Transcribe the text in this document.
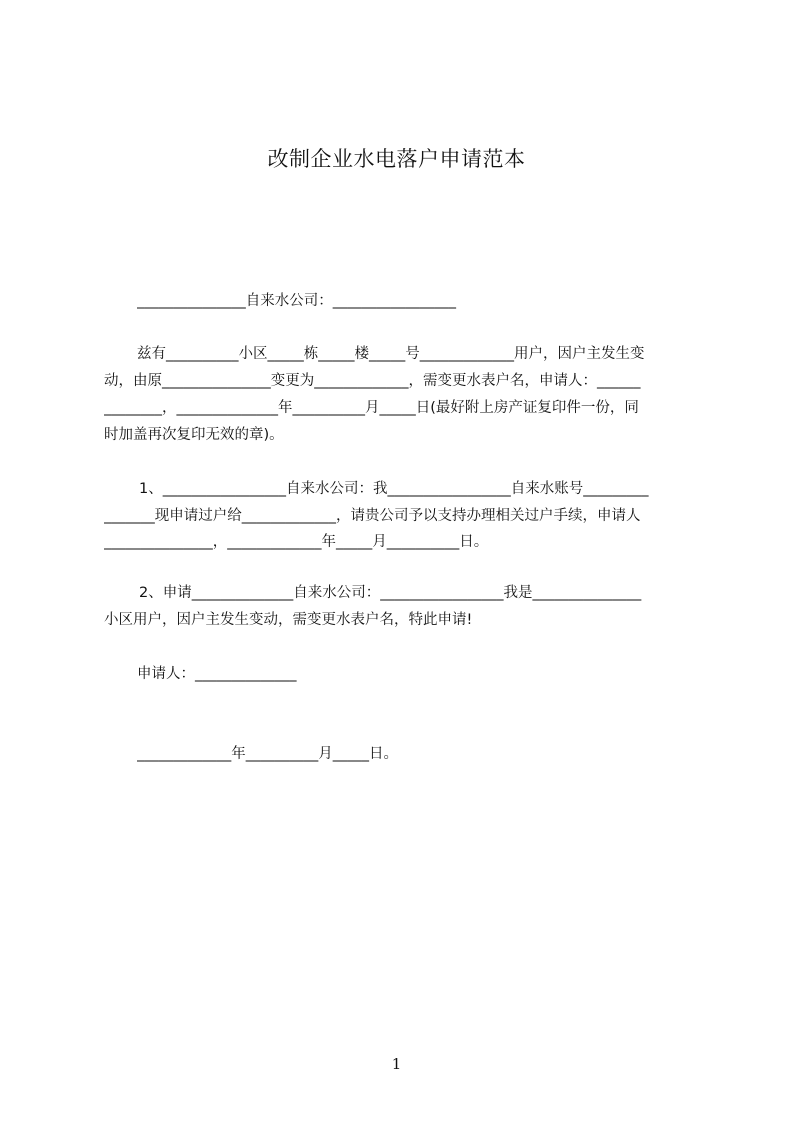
改制企业水电落户申请范本
_______________自来水公司：_________________
兹有__________小区_____栋_____楼_____号_____________用户，因户主发生变
动，由原_______________变更为_____________，需变更水表户名，申请人：______
________，______________年__________月_____日(最好附上房产证复印件一份，同
时加盖再次复印无效的章)。
1、_________________自来水公司：我_________________自来水账号_________
_______现申请过户给_____________，请贵公司予以支持办理相关过户手续，申请人
_______________，_____________年_____月__________日。
2、申请______________自来水公司：_________________我是_______________
小区用户，因户主发生变动，需变更水表户名，特此申请!
申请人：______________
_____________年__________月_____日。
1
